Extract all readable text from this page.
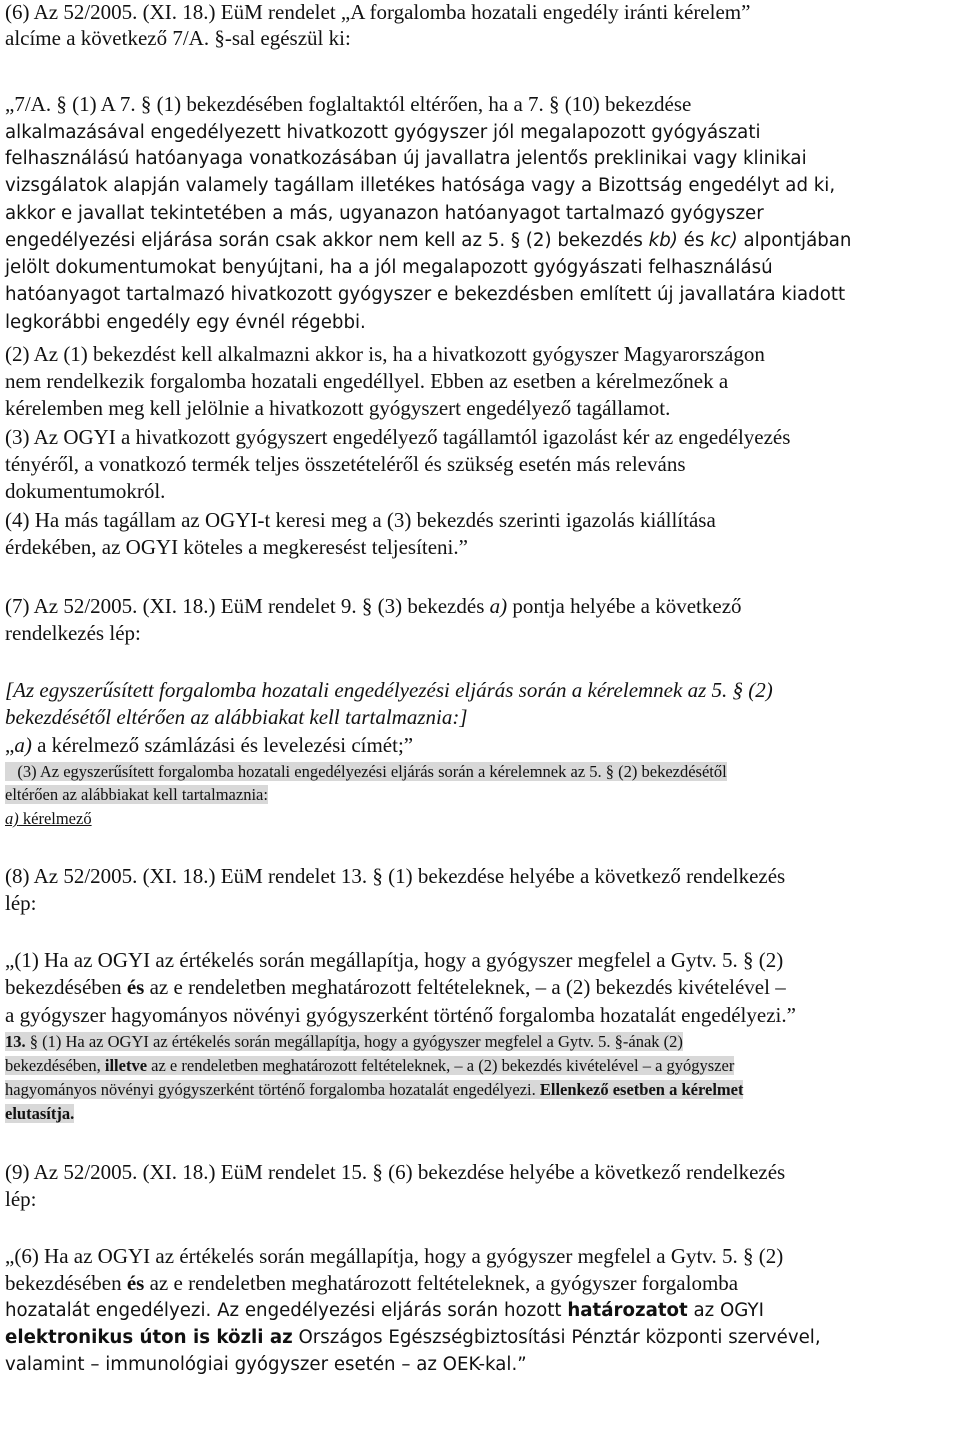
(6) Az 52/2005. (XI. 18.) EüM rendelet „A forgalomba hozatali engedély iránti kérelem”
alcíme a következő 7/A. §-sal egészül ki:
„7/A. § (1) A 7. § (1) bekezdésében foglaltaktól eltérően, ha a 7. § (10) bekezdése
alkalmazásával engedélyezett hivatkozott gyógyszer jól megalapozott gyógyászati
felhasználású hatóanyaga vonatkozásában új javallatra jelentős preklinikai vagy klinikai
vizsgálatok alapján valamely tagállam illetékes hatósága vagy a Bizottság engedélyt ad ki,
akkor e javallat tekintetében a más, ugyanazon hatóanyagot tartalmazó gyógyszer
engedélyezési eljárása során csak akkor nem kell az 5. § (2) bekezdés kb) és kc) alpontjában
jelölt dokumentumokat benyújtani, ha a jól megalapozott gyógyászati felhasználású
hatóanyagot tartalmazó hivatkozott gyógyszer e bekezdésben említett új javallatára kiadott
legkorábbi engedély egy évnél régebbi.
(2) Az (1) bekezdést kell alkalmazni akkor is, ha a hivatkozott gyógyszer Magyarországon
nem rendelkezik forgalomba hozatali engedéllyel. Ebben az esetben a kérelmezőnek a
kérelemben meg kell jelölnie a hivatkozott gyógyszert engedélyező tagállamot.
(3) Az OGYI a hivatkozott gyógyszert engedélyező tagállamtól igazolást kér az engedélyezés
tényéről, a vonatkozó termék teljes összetételéről és szükség esetén más releváns
dokumentumokról.
(4) Ha más tagállam az OGYI-t keresi meg a (3) bekezdés szerinti igazolás kiállítása
érdekében, az OGYI köteles a megkeresést teljesíteni.”
(7) Az 52/2005. (XI. 18.) EüM rendelet 9. § (3) bekezdés a) pontja helyébe a következő
rendelkezés lép:
[Az egyszerűsített forgalomba hozatali engedélyezési eljárás során a kérelemnek az 5. § (2)
bekezdésétől eltérően az alábbiakat kell tartalmaznia:]
„a) a kérelmező számlázási és levelezési címét;”
(3) Az egyszerűsített forgalomba hozatali engedélyezési eljárás során a kérelemnek az 5. § (2) bekezdésétől
eltérően az alábbiakat kell tartalmaznia:
a) kérelmező
(8) Az 52/2005. (XI. 18.) EüM rendelet 13. § (1) bekezdése helyébe a következő rendelkezés
lép:
„(1) Ha az OGYI az értékelés során megállapítja, hogy a gyógyszer megfelel a Gytv. 5. § (2)
bekezdésében és az e rendeletben meghatározott feltételeknek, – a (2) bekezdés kivételével –
a gyógyszer hagyományos növényi gyógyszerként történő forgalomba hozatalát engedélyezi.”
13. § (1) Ha az OGYI az értékelés során megállapítja, hogy a gyógyszer megfelel a Gytv. 5. §-ának (2)
bekezdésében, illetve az e rendeletben meghatározott feltételeknek, – a (2) bekezdés kivételével – a gyógyszer
hagyományos növényi gyógyszerként történő forgalomba hozatalát engedélyezi. Ellenkező esetben a kérelmet
elutasítja.
(9) Az 52/2005. (XI. 18.) EüM rendelet 15. § (6) bekezdése helyébe a következő rendelkezés
lép:
„(6) Ha az OGYI az értékelés során megállapítja, hogy a gyógyszer megfelel a Gytv. 5. § (2)
bekezdésében és az e rendeletben meghatározott feltételeknek, a gyógyszer forgalomba
hozatalát engedélyezi. Az engedélyezési eljárás során hozott határozatot az OGYI
elektronikus úton is közli az Országos Egészségbiztosítási Pénztár központi szervével,
valamint – immunológiai gyógyszer esetén – az OEK-kal.”
